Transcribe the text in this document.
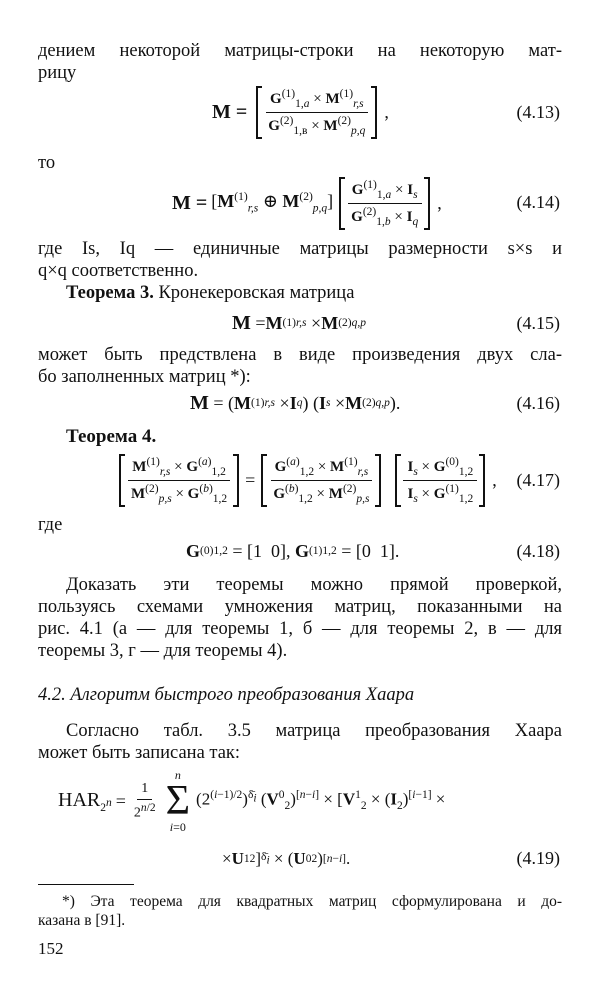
дением некоторой матрицы-строки на некоторую мат-
рицу
$M = \frac{G^{(1)}_{1,a} \times M^{(1)}_{r,s}}{G^{(2)}_{1,в} \times M^{(2)}_{p,q}}$ ,	(4.13)
то
$M = [M^{(1)}_{r,s}$ ⊕ $M^{(2)}_{p,q}] \frac{G^{(1)}_{1,a} \times I_s}{G^{(2)}_{1,b} \times I_q}$ ,	(4.14)
где Is, Iq — единичные матрицы размерности s×s и
q×q соответственно.
Теорема 3. Кронекеровская матрица
M = M (1) r,s × M (2) q,p	(4.15)
может быть предствлена в виде произведения двух сла-
бо заполненных матриц *):
M = ( M (1) r,s × I q ) ( I s × M (2) q,p ).	(4.16)
Теорема 4.
$\frac{M^{(1)}_{r,s} \times G^{(a)}_{1,2}}{M^{(2)}_{p,s} \times G^{(b)}_{1,2}} = \frac{G^{(a)}_{1,2} \times M^{(1)}_{r,s}}{G^{(b)}_{1,2} \times M^{(2)}_{p,s}} \frac{I_s \times G^{(0)}_{1,2}}{I_s \times G^{(1)}_{1,2}}$ , (4.17)
где
G (0) 1,2 = [1  0], G (1) 1,2 = [0  1].	(4.18)
Доказать эти теоремы можно прямой проверкой,
пользуясь схемами умножения матриц, показанными на
рис. 4.1 (а — для теоремы 1, б — для теоремы 2, в — для
теоремы 3, г — для теоремы 4).
4.2. Алгоритм быстрого преобразования Хаара
Согласно табл. 3.5 матрица преобразования Хаара
может быть записана так:
$HAR_{2^n} = \frac{1}{2^{n/2}}$
n
Σ
i=0
$(2^{(i-1)/2})^{\deltā_i}$ $(V^0_2)[n-i] \times [V^1_2 \times (I_2)[i-1]$ ×
× U 1 2 ] $\deltā_i$ × ( U 0 2 ) [n−i] .	(4.19)
*) Эта теорема для квадратных матриц сформулирована и до-
казана в [91].
152
